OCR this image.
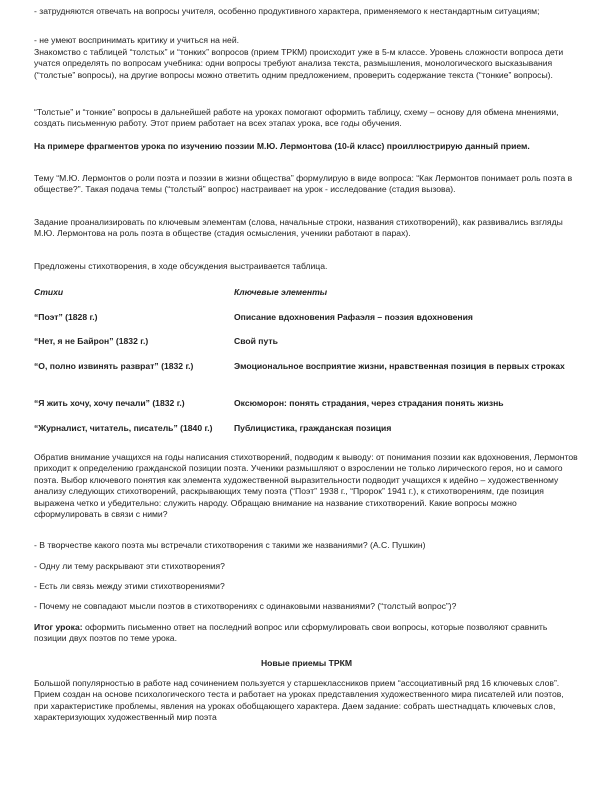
- затрудняются отвечать на вопросы учителя, особенно продуктивного характера, применяемого к нестандартным ситуациям;

- не умеют воспринимать критику и учиться на ней.

Знакомство с таблицей “толстых” и “тонких” вопросов (прием ТРКМ) происходит уже в 5-м классе. Уровень сложности вопроса дети учатся определять по вопросам учебника: одни вопросы требуют анализа текста, размышления, монологического высказывания (“толстые” вопросы), на другие вопросы можно ответить одним предложением, проверить содержание текста (“тонкие” вопросы).

“Толстые” и “тонкие” вопросы в дальнейшей работе на уроках помогают оформить таблицу, схему – основу для обмена мнениями, создать письменную работу. Этот прием работает на всех этапах урока, все годы обучения.

На примере фрагментов урока по изучению поэзии М.Ю. Лермонтова (10-й класс) проиллюстрирую данный прием.

Тему “М.Ю. Лермонтов о роли поэта и поэзии в жизни общества” формулирую в виде вопроса: “Как Лермонтов понимает роль поэта в обществе?”. Такая подача темы (“толстый” вопрос) настраивает на урок - исследование (стадия вызова).

Задание проанализировать по ключевым элементам (слова, начальные строки, названия стихотворений), как развивались взгляды М.Ю. Лермонтова на роль поэта в обществе (стадия осмысления, ученики работают в парах).

Предложены стихотворения, в ходе обсуждения выстраивается таблица.

Стихи	Ключевые элементы
“Поэт” (1828 г.)	Описание вдохновения Рафаэля – поэзия вдохновения
“Нет, я не Байрон” (1832 г.)	Свой путь
“О, полно извинять разврат” (1832 г.)	Эмоциональное восприятие жизни, нравственная позиция в первых строках
“Я жить хочу, хочу печали” (1832 г.)	Оксюморон: понять страдания, через страдания понять жизнь
“Журналист, читатель, писатель” (1840 г.)	Публицистика, гражданская позиция

Обратив внимание учащихся на годы написания стихотворений, подводим к выводу: от понимания поэзии как вдохновения, Лермонтов приходит к определению гражданской позиции поэта. Ученики размышляют о взрослении не только лирического героя, но и самого поэта. Выбор ключевого понятия как элемента художественной выразительности подводит учащихся к идейно – художественному анализу следующих стихотворений, раскрывающих тему поэта (“Поэт” 1938 г., “Пророк” 1941 г.), к стихотворениям, где позиция выражена четко и убедительно: служить народу. Обращаю внимание на название стихотворений. Какие вопросы можно сформулировать в связи с ними?

- В творчестве какого поэта мы встречали стихотворения с такими же названиями? (А.С. Пушкин)

- Одну ли тему раскрывают эти стихотворения?

- Есть ли связь между этими стихотворениями?

- Почему не совпадают мысли поэтов в стихотворениях с одинаковыми названиями? (“толстый вопрос”)?

Итог урока: оформить письменно ответ на последний вопрос или сформулировать свои вопросы, которые позволяют сравнить позиции двух поэтов по теме урока.

Новые приемы ТРКМ

Большой популярностью в работе над сочинением пользуется у старшеклассников прием “ассоциативный ряд 16 ключевых слов”. Прием создан на основе психологического теста и работает на уроках представления художественного мира писателей или поэтов, при характеристике проблемы, явления на уроках обобщающего характера. Даем задание: собрать шестнадцать ключевых слов, характеризующих художественный мир поэта
